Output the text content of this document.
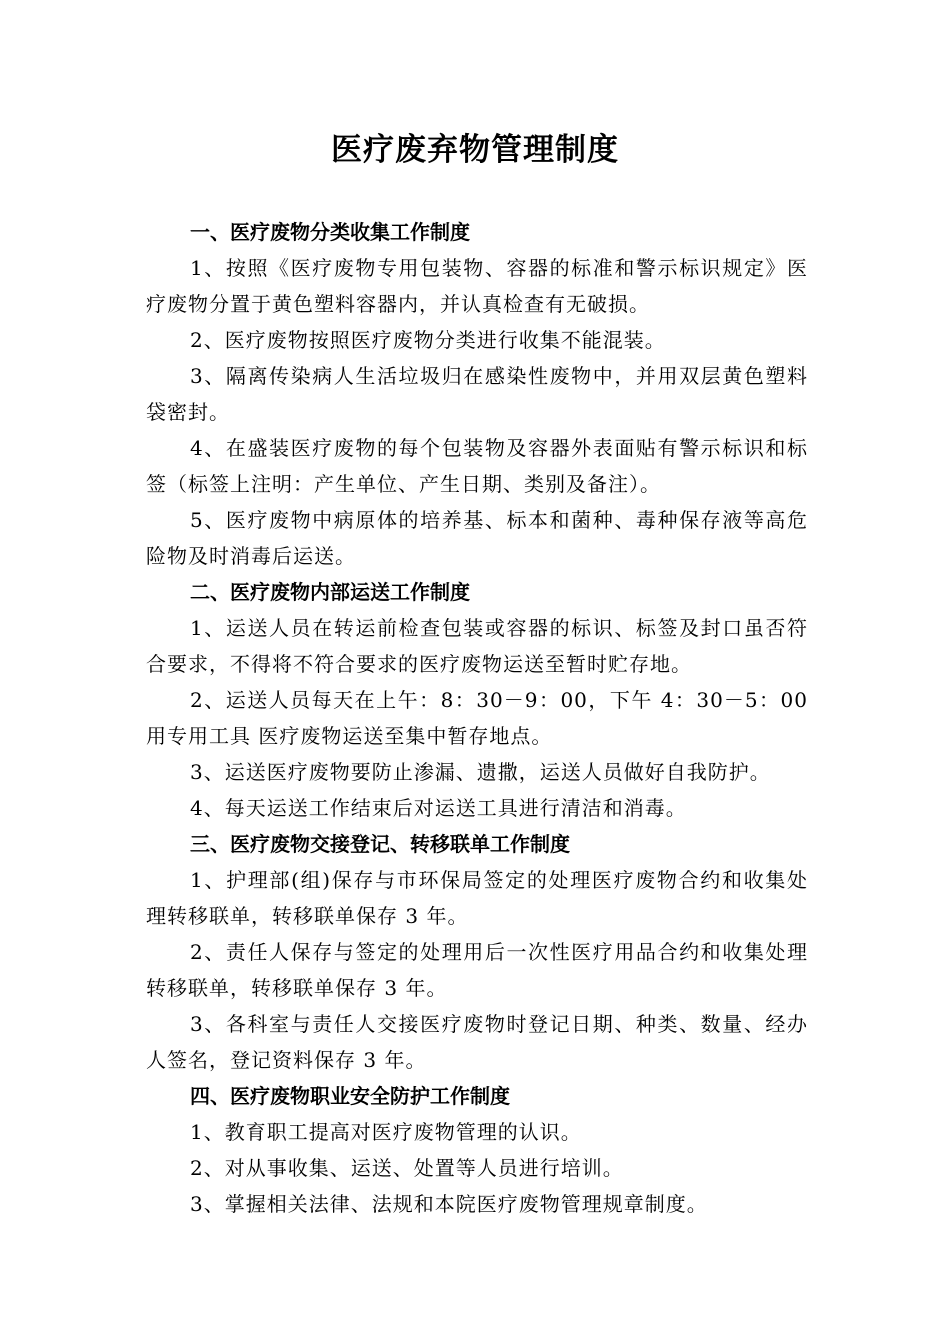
医疗废弃物管理制度

一、医疗废物分类收集工作制度

1、按照《医疗废物专用包装物、容器的标准和警示标识规定》医疗废物分置于黄色塑料容器内，并认真检查有无破损。

2、医疗废物按照医疗废物分类进行收集不能混装。

3、隔离传染病人生活垃圾归在感染性废物中，并用双层黄色塑料袋密封。

4、在盛装医疗废物的每个包装物及容器外表面贴有警示标识和标签（标签上注明：产生单位、产生日期、类别及备注）。

5、医疗废物中病原体的培养基、标本和菌种、毒种保存液等高危险物及时消毒后运送。

二、医疗废物内部运送工作制度

1、运送人员在转运前检查包装或容器的标识、标签及封口虽否符合要求，不得将不符合要求的医疗废物运送至暂时贮存地。

2、运送人员每天在上午：8：30－9：00，下午 4：30－5：00用专用工具 医疗废物运送至集中暂存地点。

3、运送医疗废物要防止渗漏、遗撒，运送人员做好自我防护。

4、每天运送工作结束后对运送工具进行清洁和消毒。

三、医疗废物交接登记、转移联单工作制度

1、护理部(组)保存与市环保局签定的处理医疗废物合约和收集处理转移联单，转移联单保存 3 年。

2、责任人保存与签定的处理用后一次性医疗用品合约和收集处理转移联单，转移联单保存 3 年。

3、各科室与责任人交接医疗废物时登记日期、种类、数量、经办人签名，登记资料保存 3 年。

四、医疗废物职业安全防护工作制度

1、教育职工提高对医疗废物管理的认识。

2、对从事收集、运送、处置等人员进行培训。

3、掌握相关法律、法规和本院医疗废物管理规章制度。
